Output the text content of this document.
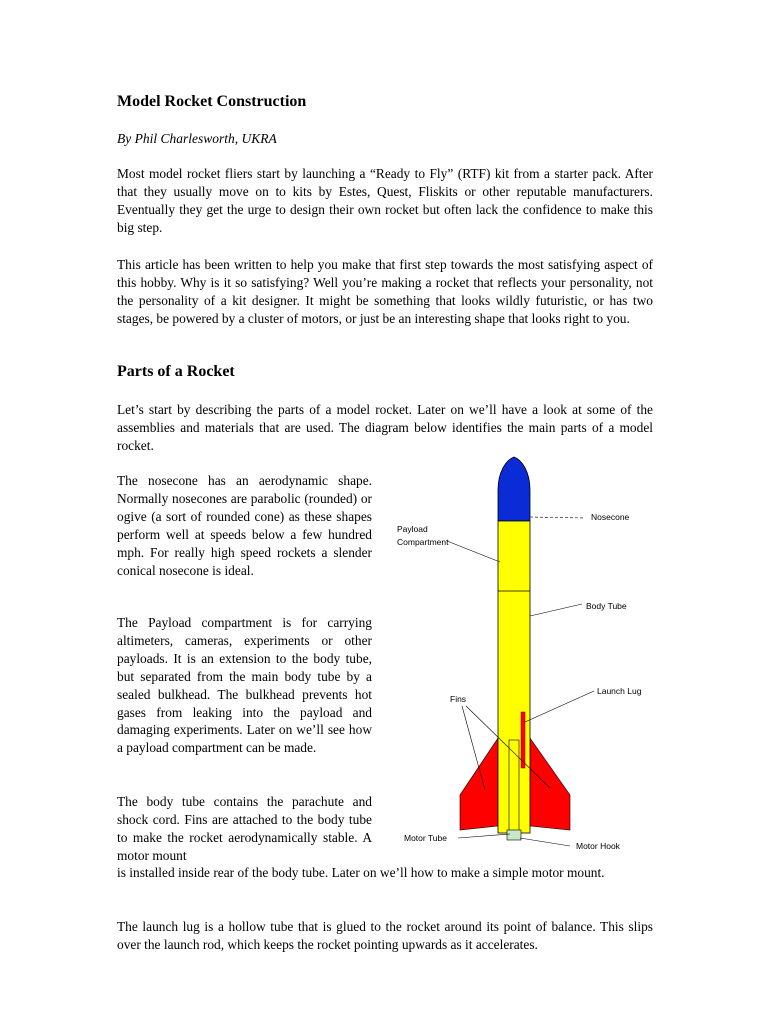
Model Rocket Construction

By Phil Charlesworth, UKRA

Most model rocket fliers start by launching a “Ready to Fly” (RTF) kit from a starter pack. After that they usually move on to kits by Estes, Quest, Fliskits or other reputable manufacturers. Eventually they get the urge to design their own rocket but often lack the confidence to make this big step.

This article has been written to help you make that first step towards the most satisfying aspect of this hobby. Why is it so satisfying? Well you’re making a rocket that reflects your personality, not the personality of a kit designer. It might be something that looks wildly futuristic, or has two stages, be powered by a cluster of motors, or just be an interesting shape that looks right to you.

Parts of a Rocket

Let’s start by describing the parts of a model rocket. Later on we’ll have a look at some of the assemblies and materials that are used. The diagram below identifies the main parts of a model rocket.

The nosecone has an aerodynamic shape. Normally nosecones are parabolic (rounded) or ogive (a sort of rounded cone) as these shapes perform well at speeds below a few hundred mph. For really high speed rockets a slender conical nosecone is ideal.

The Payload compartment is for carrying altimeters, cameras, experiments or other payloads. It is an extension to the body tube, but separated from the main body tube by a sealed bulkhead. The bulkhead prevents hot gases from leaking into the payload and damaging experiments. Later on we’ll see how a payload compartment can be made.

The body tube contains the parachute and shock cord. Fins are attached to the body tube to make the rocket aerodynamically stable. A motor mount

is installed inside rear of the body tube. Later on we’ll how to make a simple motor mount.

The launch lug is a hollow tube that is glued to the rocket around its point of balance. This slips over the launch rod, which keeps the rocket pointing upwards as it accelerates.

Nosecone
Payload
Compartment
Body Tube
Launch Lug
Fins
Motor Tube
Motor Hook
